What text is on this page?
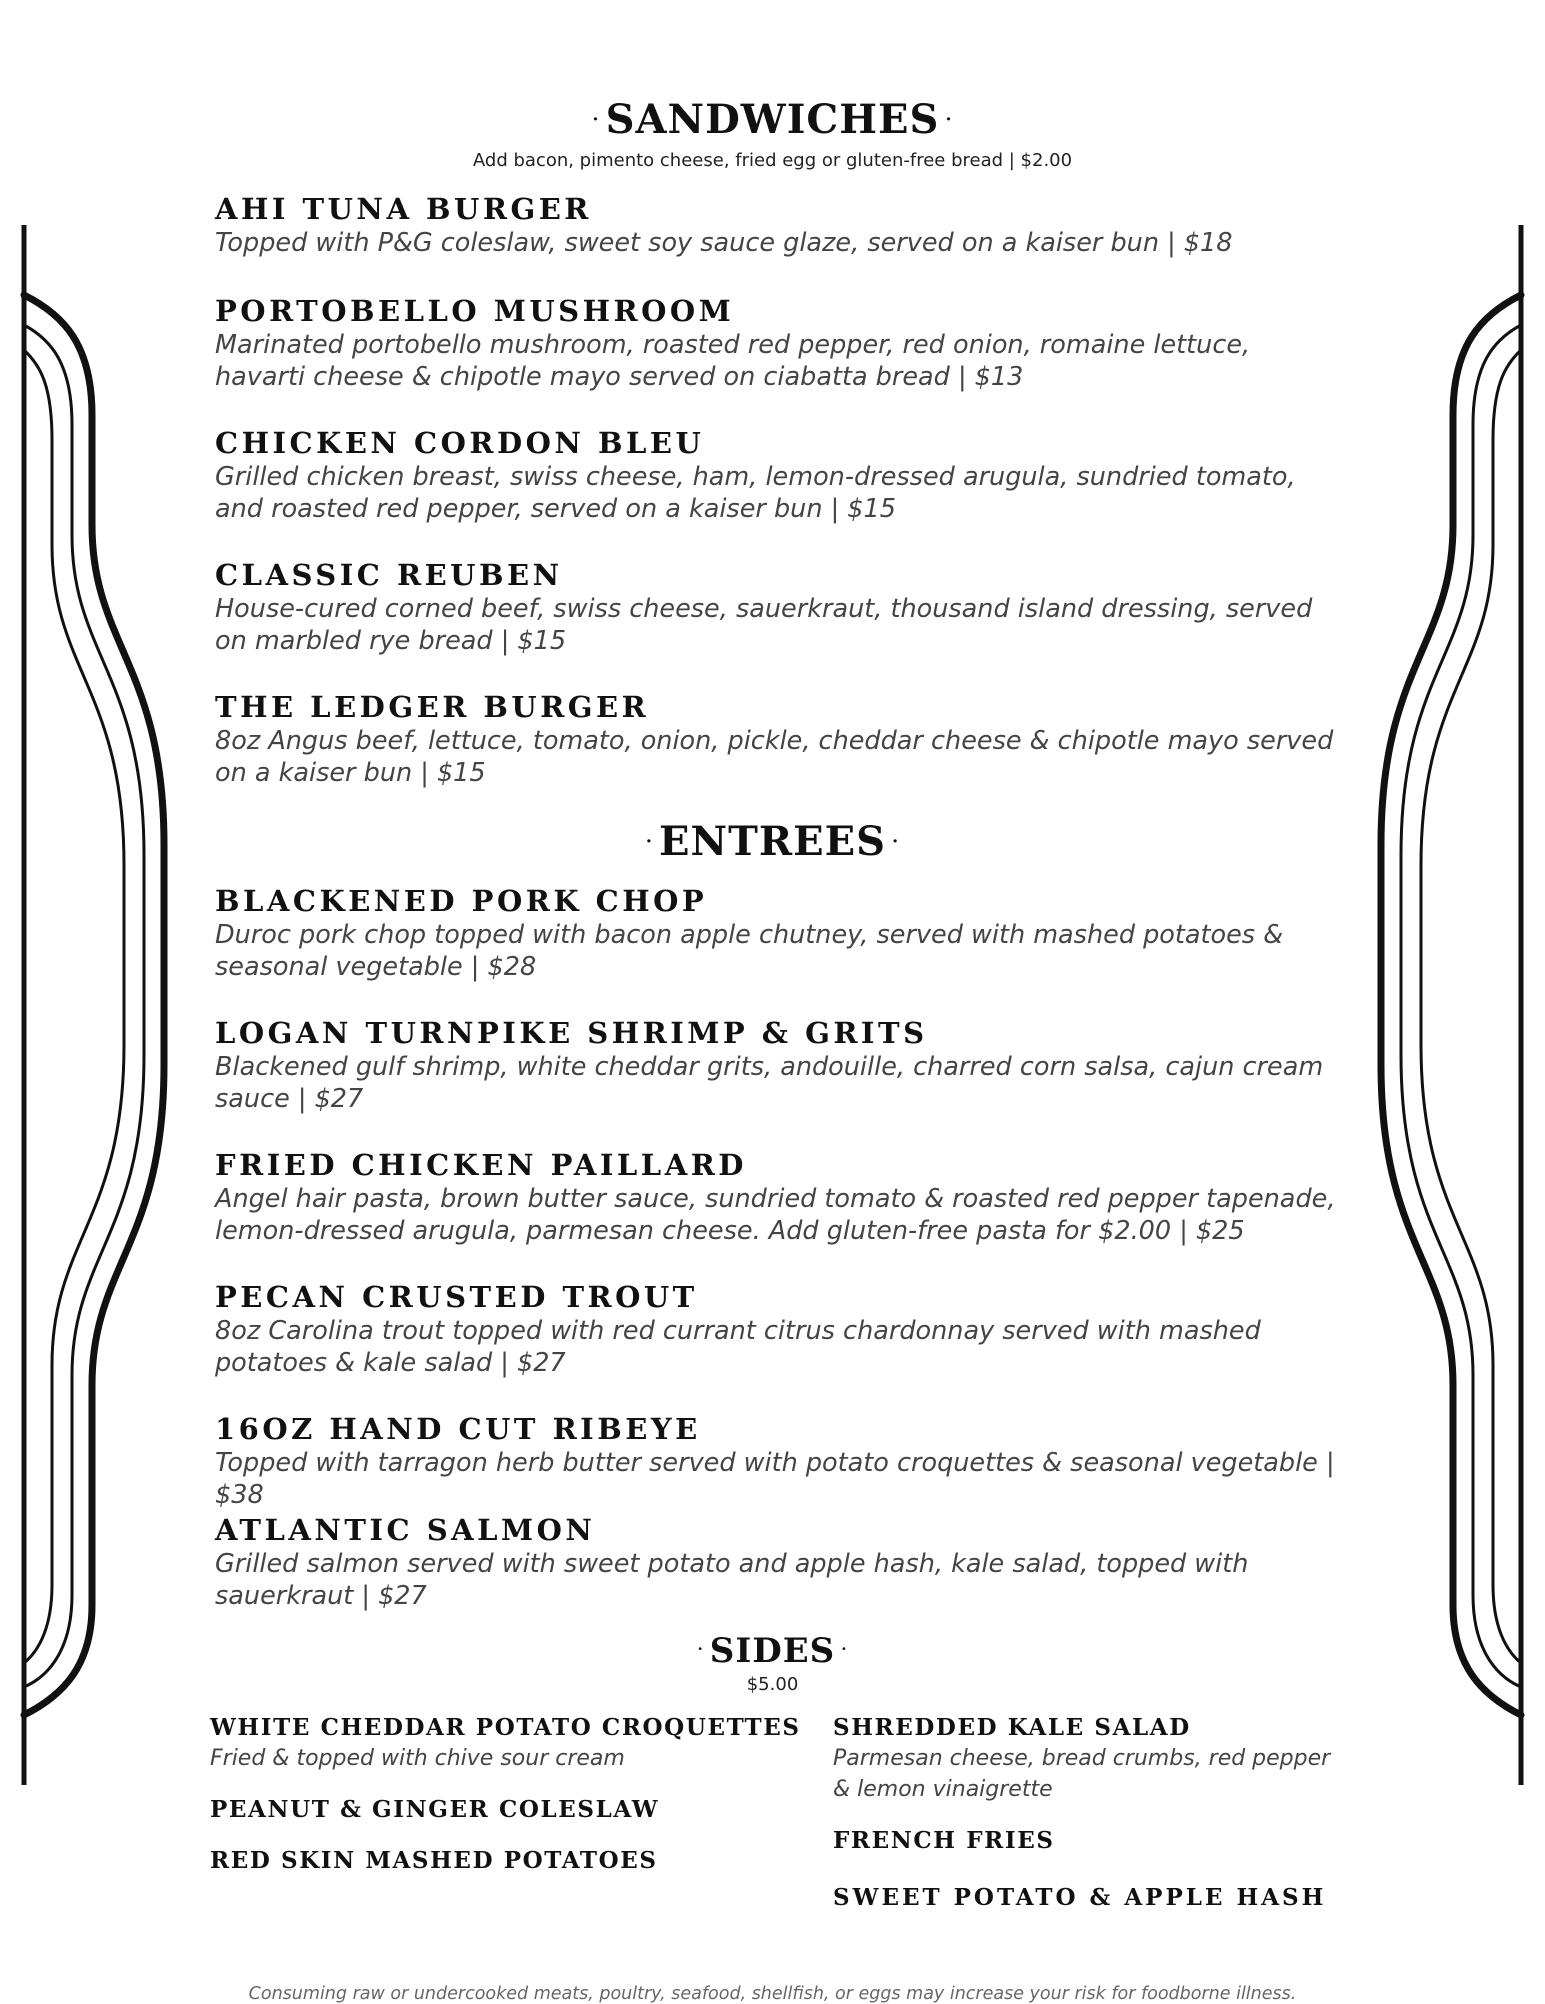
· SANDWICHES ·
Add bacon, pimento cheese, fried egg or gluten-free bread | $2.00
AHI TUNA BURGER
Topped with P&G coleslaw, sweet soy sauce glaze, served on a kaiser bun | $18
PORTOBELLO MUSHROOM
Marinated portobello mushroom, roasted red pepper, red onion, romaine lettuce, havarti cheese & chipotle mayo served on ciabatta bread | $13
CHICKEN CORDON BLEU
Grilled chicken breast, swiss cheese, ham, lemon-dressed arugula, sundried tomato, and roasted red pepper, served on a kaiser bun | $15
CLASSIC REUBEN
House-cured corned beef, swiss cheese, sauerkraut, thousand island dressing, served on marbled rye bread | $15
THE LEDGER BURGER
8oz Angus beef, lettuce, tomato, onion, pickle, cheddar cheese & chipotle mayo served on a kaiser bun | $15
· ENTREES ·
BLACKENED PORK CHOP
Duroc pork chop topped with bacon apple chutney, served with mashed potatoes & seasonal vegetable | $28
LOGAN TURNPIKE SHRIMP & GRITS
Blackened gulf shrimp, white cheddar grits, andouille, charred corn salsa, cajun cream sauce | $27
FRIED CHICKEN PAILLARD
Angel hair pasta, brown butter sauce, sundried tomato & roasted red pepper tapenade, lemon-dressed arugula, parmesan cheese. Add gluten-free pasta for $2.00 | $25
PECAN CRUSTED TROUT
8oz Carolina trout topped with red currant citrus chardonnay served with mashed potatoes & kale salad | $27
16OZ HAND CUT RIBEYE
Topped with tarragon herb butter served with potato croquettes & seasonal vegetable | $38
ATLANTIC SALMON
Grilled salmon served with sweet potato and apple hash, kale salad, topped with sauerkraut | $27
· SIDES ·
$5.00
WHITE CHEDDAR POTATO CROQUETTES
Fried & topped with chive sour cream
PEANUT & GINGER COLESLAW
RED SKIN MASHED POTATOES
SHREDDED KALE SALAD
Parmesan cheese, bread crumbs, red pepper & lemon vinaigrette
FRENCH FRIES
SWEET POTATO & APPLE HASH
Consuming raw or undercooked meats, poultry, seafood, shellfish, or eggs may increase your risk for foodborne illness.
